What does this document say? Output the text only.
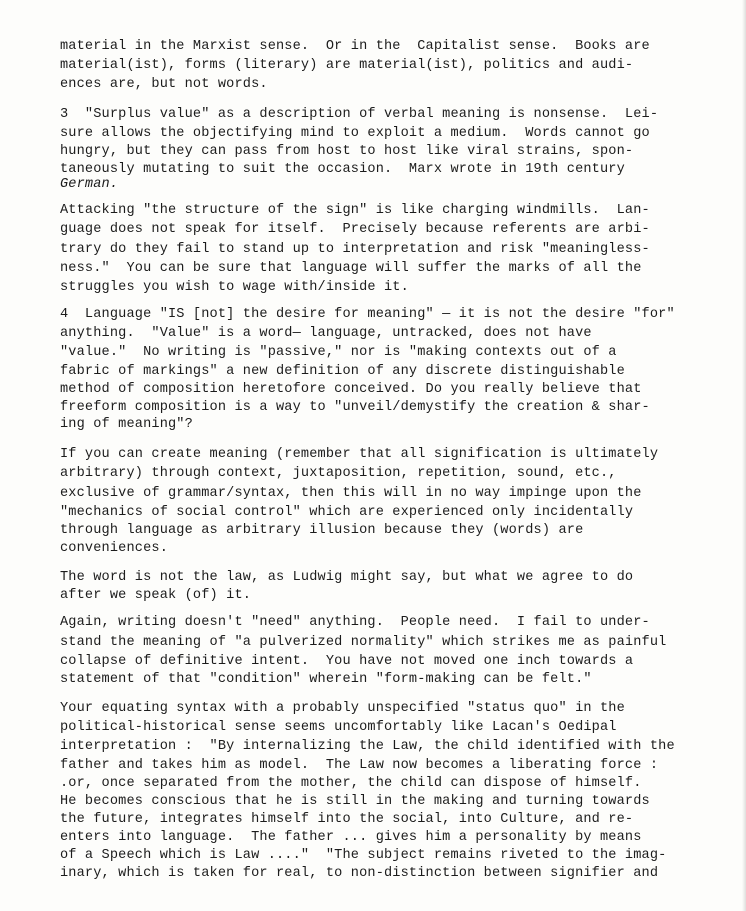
material in the Marxist sense.  Or in the  Capitalist sense.  Books are

material(ist), forms (literary) are material(ist), politics and audi-

ences are, but not words.

3  "Surplus value" as a description of verbal meaning is nonsense.  Lei-

sure allows the objectifying mind to exploit a medium.  Words cannot go

hungry, but they can pass from host to host like viral strains, spon-

taneously mutating to suit the occasion.  Marx wrote in 19th century

German.

Attacking "the structure of the sign" is like charging windmills.  Lan-

guage does not speak for itself.  Precisely because referents are arbi-

trary do they fail to stand up to interpretation and risk "meaningless-

ness."  You can be sure that language will suffer the marks of all the

struggles you wish to wage with/inside it.

4  Language "IS [not] the desire for meaning" — it is not the desire "for"

anything.  "Value" is a word— language, untracked, does not have

"value."  No writing is "passive," nor is "making contexts out of a

fabric of markings" a new definition of any discrete distinguishable

method of composition heretofore conceived. Do you really believe that

freeform composition is a way to "unveil/demystify the creation & shar-

ing of meaning"?

If you can create meaning (remember that all signification is ultimately

arbitrary) through context, juxtaposition, repetition, sound, etc.,

exclusive of grammar/syntax, then this will in no way impinge upon the

"mechanics of social control" which are experienced only incidentally

through language as arbitrary illusion because they (words) are

conveniences.

The word is not the law, as Ludwig might say, but what we agree to do

after we speak (of) it.

Again, writing doesn't "need" anything.  People need.  I fail to under-

stand the meaning of "a pulverized normality" which strikes me as painful

collapse of definitive intent.  You have not moved one inch towards a

statement of that "condition" wherein "form-making can be felt."

Your equating syntax with a probably unspecified "status quo" in the

political-historical sense seems uncomfortably like Lacan's Oedipal

interpretation :  "By internalizing the Law, the child identified with the

father and takes him as model.  The Law now becomes a liberating force :

.or, once separated from the mother, the child can dispose of himself.

He becomes conscious that he is still in the making and turning towards

the future, integrates himself into the social, into Culture, and re-

enters into language.  The father ... gives him a personality by means

of a Speech which is Law ...."  "The subject remains riveted to the imag-

inary, which is taken for real, to non-distinction between signifier and
